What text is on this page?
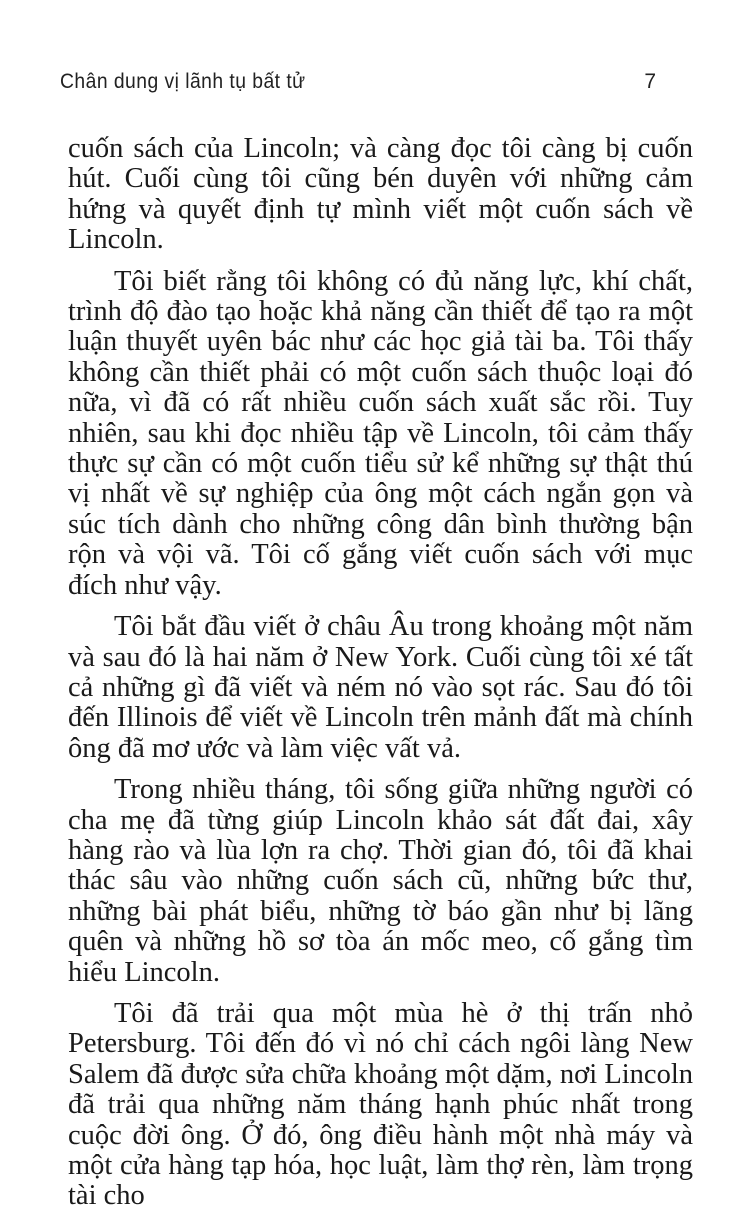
Chân dung vị lãnh tụ bất tử	7

cuốn sách của Lincoln; và càng đọc tôi càng bị cuốn hút. Cuối cùng tôi cũng bén duyên với những cảm hứng và quyết định tự mình viết một cuốn sách về Lincoln.

Tôi biết rằng tôi không có đủ năng lực, khí chất, trình độ đào tạo hoặc khả năng cần thiết để tạo ra một luận thuyết uyên bác như các học giả tài ba. Tôi thấy không cần thiết phải có một cuốn sách thuộc loại đó nữa, vì đã có rất nhiều cuốn sách xuất sắc rồi. Tuy nhiên, sau khi đọc nhiều tập về Lincoln, tôi cảm thấy thực sự cần có một cuốn tiểu sử kể những sự thật thú vị nhất về sự nghiệp của ông một cách ngắn gọn và súc tích dành cho những công dân bình thường bận rộn và vội vã. Tôi cố gắng viết cuốn sách với mục đích như vậy.

Tôi bắt đầu viết ở châu Âu trong khoảng một năm và sau đó là hai năm ở New York. Cuối cùng tôi xé tất cả những gì đã viết và ném nó vào sọt rác. Sau đó tôi đến Illinois để viết về Lincoln trên mảnh đất mà chính ông đã mơ ước và làm việc vất vả.

Trong nhiều tháng, tôi sống giữa những người có cha mẹ đã từng giúp Lincoln khảo sát đất đai, xây hàng rào và lùa lợn ra chợ. Thời gian đó, tôi đã khai thác sâu vào những cuốn sách cũ, những bức thư, những bài phát biểu, những tờ báo gần như bị lãng quên và những hồ sơ tòa án mốc meo, cố gắng tìm hiểu Lincoln.

Tôi đã trải qua một mùa hè ở thị trấn nhỏ Petersburg. Tôi đến đó vì nó chỉ cách ngôi làng New Salem đã được sửa chữa khoảng một dặm, nơi Lincoln đã trải qua những năm tháng hạnh phúc nhất trong cuộc đời ông. Ở đó, ông điều hành một nhà máy và một cửa hàng tạp hóa, học luật, làm thợ rèn, làm trọng tài cho
